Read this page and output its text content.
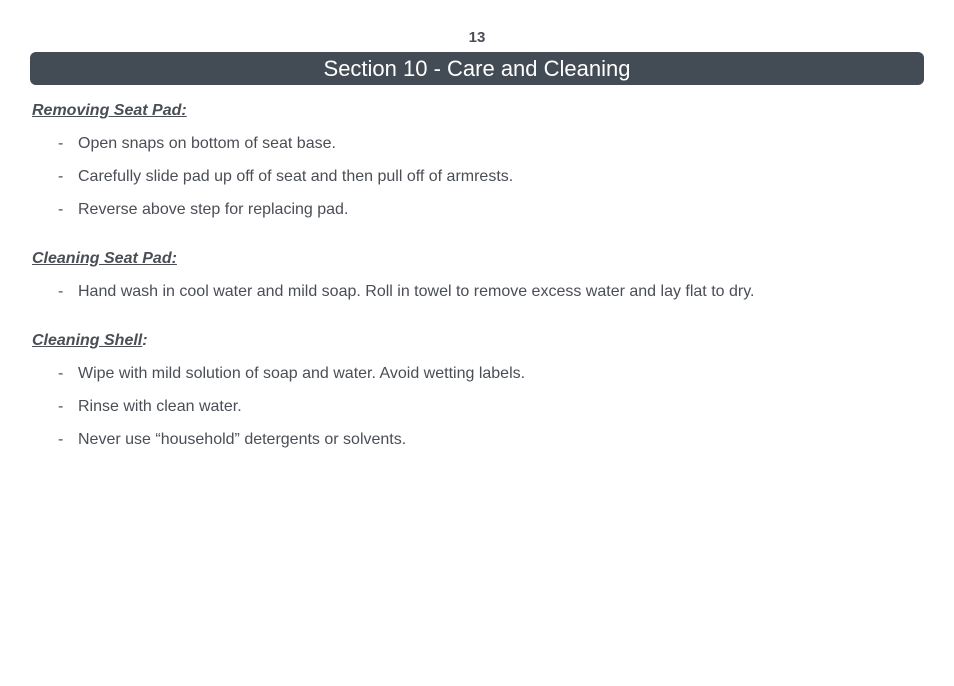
13
Section 10 - Care and Cleaning

Removing Seat Pad:

- Open snaps on bottom of seat base.
- Carefully slide pad up off of seat and then pull off of armrests.
- Reverse above step for replacing pad.

Cleaning Seat Pad:

- Hand wash in cool water and mild soap. Roll in towel to remove excess water and lay flat to dry.

Cleaning Shell:

- Wipe with mild solution of soap and water. Avoid wetting labels.
- Rinse with clean water.
- Never use “household” detergents or solvents.
